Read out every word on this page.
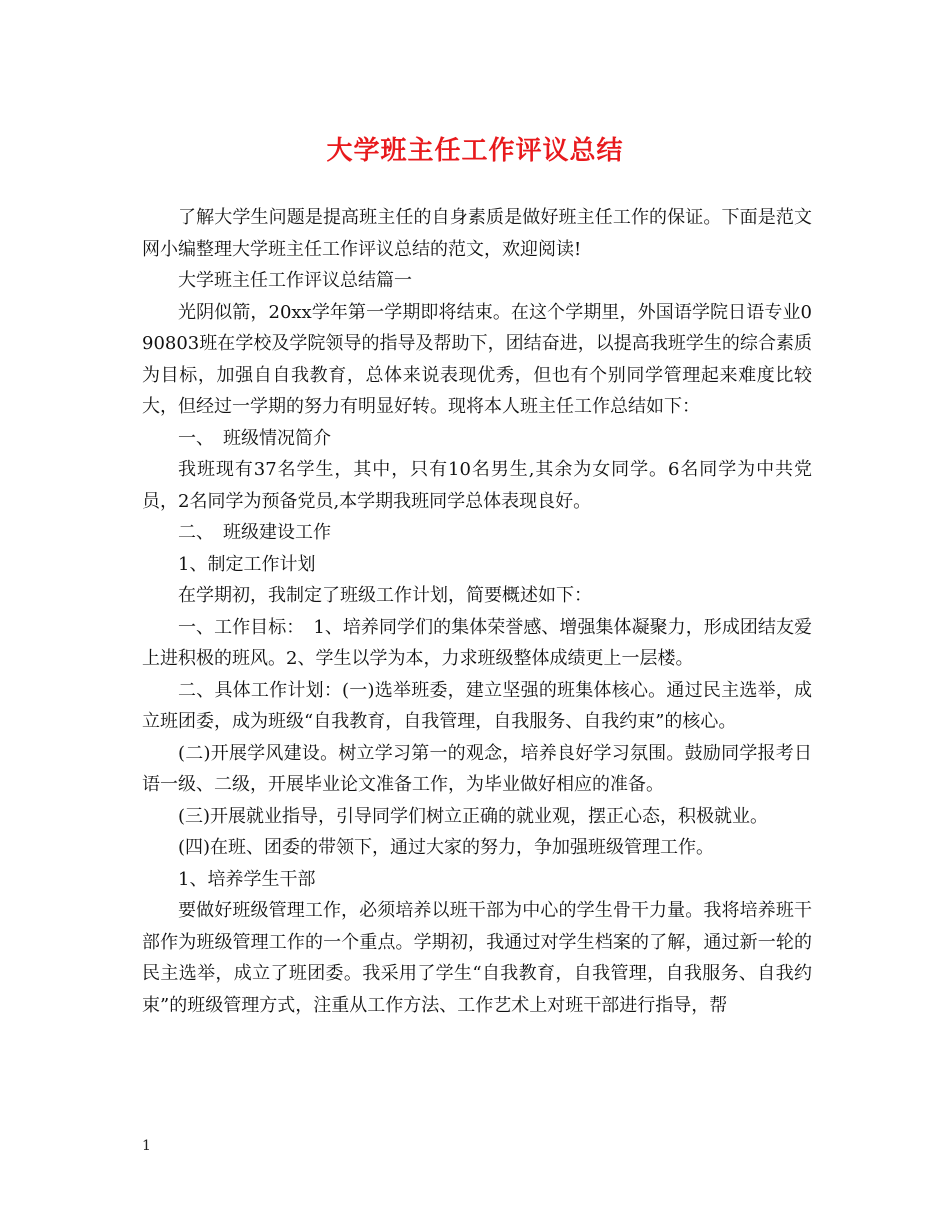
大学班主任工作评议总结

了解大学生问题是提高班主任的自身素质是做好班主任工作的保证。下面是范文网小编整理大学班主任工作评议总结的范文，欢迎阅读!

大学班主任工作评议总结篇一

光阴似箭，20xx学年第一学期即将结束。在这个学期里，外国语学院日语专业090803班在学校及学院领导的指导及帮助下，团结奋进，以提高我班学生的综合素质为目标，加强自自我教育，总体来说表现优秀，但也有个别同学管理起来难度比较大，但经过一学期的努力有明显好转。现将本人班主任工作总结如下：

一、　班级情况简介

我班现有37名学生，其中，只有10名男生,其余为女同学。6名同学为中共党员，2名同学为预备党员,本学期我班同学总体表现良好。

二、　班级建设工作

1、制定工作计划

在学期初，我制定了班级工作计划，简要概述如下：

一、工作目标：　1、培养同学们的集体荣誉感、增强集体凝聚力，形成团结友爱上进积极的班风。2、学生以学为本，力求班级整体成绩更上一层楼。

二、具体工作计划：(一)选举班委，建立坚强的班集体核心。通过民主选举，成立班团委，成为班级“自我教育，自我管理，自我服务、自我约束”的核心。

(二)开展学风建设。树立学习第一的观念，培养良好学习氛围。鼓励同学报考日语一级、二级，开展毕业论文准备工作，为毕业做好相应的准备。

(三)开展就业指导，引导同学们树立正确的就业观，摆正心态，积极就业。

(四)在班、团委的带领下，通过大家的努力，争加强班级管理工作。

1、培养学生干部

要做好班级管理工作，必须培养以班干部为中心的学生骨干力量。我将培养班干部作为班级管理工作的一个重点。学期初，我通过对学生档案的了解，通过新一轮的民主选举，成立了班团委。我采用了学生“自我教育，自我管理，自我服务、自我约束”的班级管理方式，注重从工作方法、工作艺术上对班干部进行指导，帮

1
